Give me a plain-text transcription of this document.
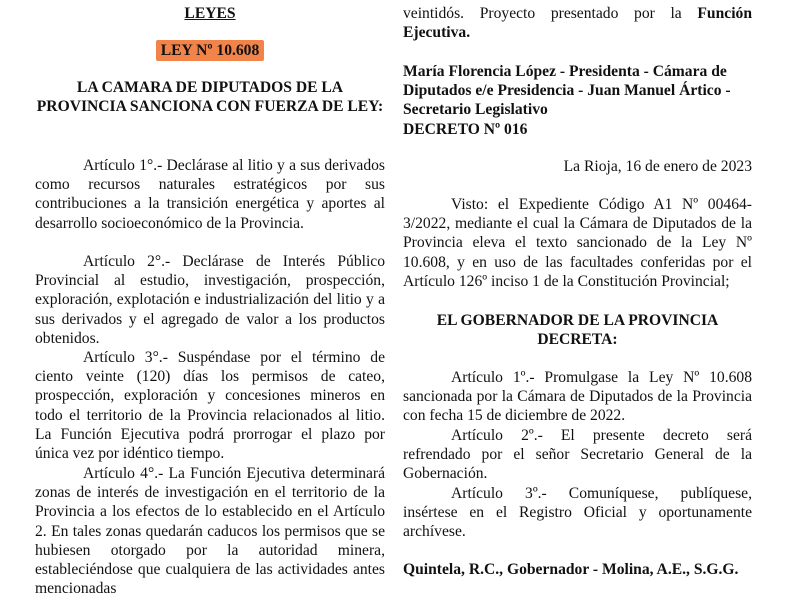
LEYES
LEY Nº 10.608

LA CAMARA DE DIPUTADOS DE LA PROVINCIA SANCIONA CON FUERZA DE LEY:

Artículo 1°.- Declárase al litio y a sus derivados como recursos naturales estratégicos por sus contribuciones a la transición energética y aportes al desarrollo socioeconómico de la Provincia.

Artículo 2°.- Declárase de Interés Público Provincial al estudio, investigación, prospección, exploración, explotación e industrialización del litio y a sus derivados y el agregado de valor a los productos obtenidos.

Artículo 3°.- Suspéndase por el término de ciento veinte (120) días los permisos de cateo, prospección, exploración y concesiones mineros en todo el territorio de la Provincia relacionados al litio. La Función Ejecutiva podrá prorrogar el plazo por única vez por idéntico tiempo.

Artículo 4°.- La Función Ejecutiva determinará zonas de interés de investigación en el territorio de la Provincia a los efectos de lo establecido en el Artículo 2. En tales zonas quedarán caducos los permisos que se hubiesen otorgado por la autoridad minera, estableciéndose que cualquiera de las actividades antes mencionadas

veintidós. Proyecto presentado por la Función Ejecutiva.

María Florencia López - Presidenta - Cámara de Diputados e/e Presidencia - Juan Manuel Ártico - Secretario Legislativo
DECRETO Nº 016

La Rioja, 16 de enero de 2023

Visto: el Expediente Código A1 Nº 00464-3/2022, mediante el cual la Cámara de Diputados de la Provincia eleva el texto sancionado de la Ley Nº 10.608, y en uso de las facultades conferidas por el Artículo 126º inciso 1 de la Constitución Provincial;

EL GOBERNADOR DE LA PROVINCIA
DECRETA:

Artículo 1º.- Promulgase la Ley Nº 10.608 sancionada por la Cámara de Diputados de la Provincia con fecha 15 de diciembre de 2022.

Artículo 2º.- El presente decreto será refrendado por el señor Secretario General de la Gobernación.

Artículo 3º.- Comuníquese, publíquese, insértese en el Registro Oficial y oportunamente archívese.

Quintela, R.C., Gobernador - Molina, A.E., S.G.G.
